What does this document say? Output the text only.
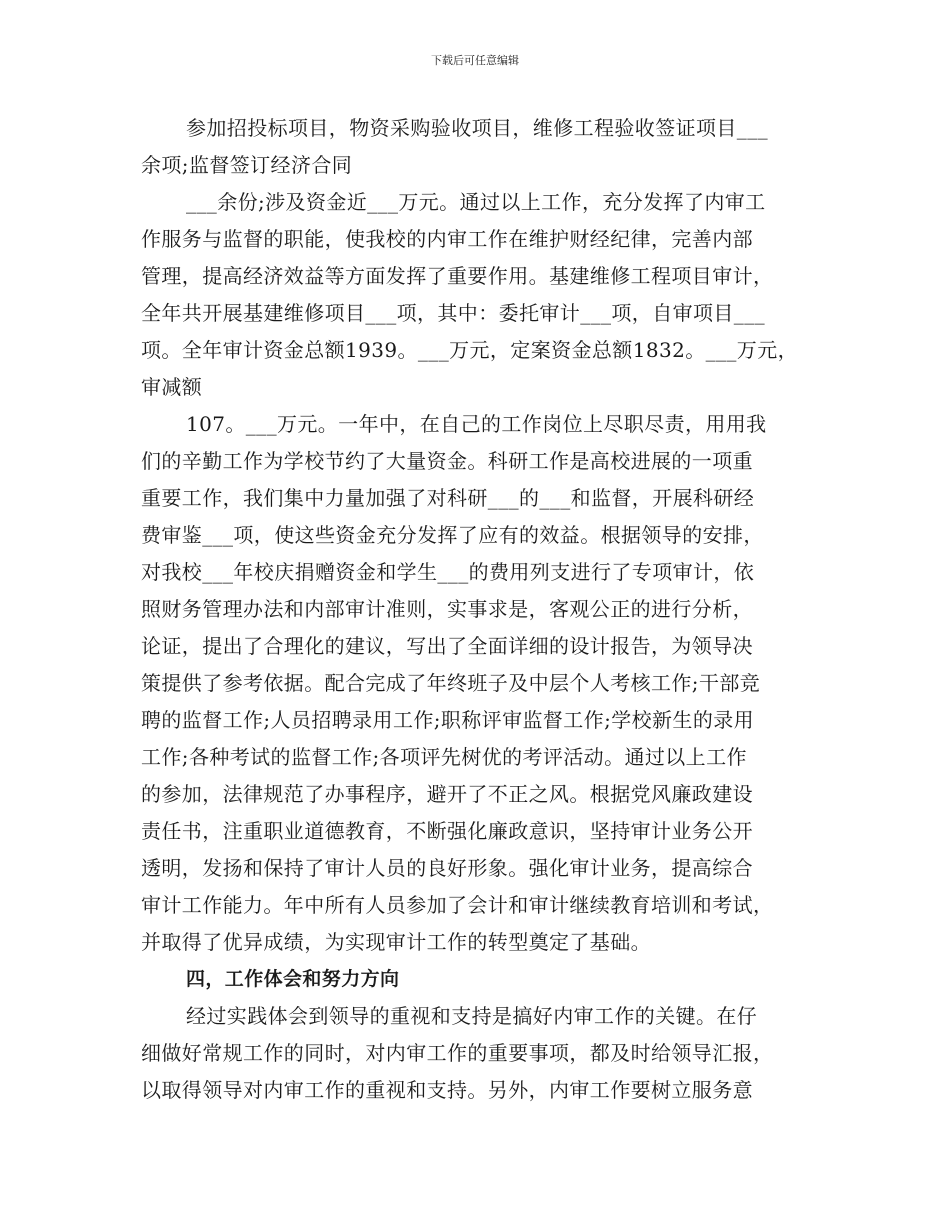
下载后可任意编辑
参加招投标项目，物资采购验收项目，维修工程验收签证项目___
余项;监督签订经济合同
___余份;涉及资金近___万元。通过以上工作，充分发挥了内审工
作服务与监督的职能，使我校的内审工作在维护财经纪律，完善内部
管理，提高经济效益等方面发挥了重要作用。基建维修工程项目审计，
全年共开展基建维修项目___项，其中：委托审计___项，自审项目___
项。全年审计资金总额1939。___万元，定案资金总额1832。___万元，
审减额
107。___万元。一年中，在自己的工作岗位上尽职尽责，用用我
们的辛勤工作为学校节约了大量资金。科研工作是高校进展的一项重
重要工作，我们集中力量加强了对科研___的___和监督，开展科研经
费审鉴___项，使这些资金充分发挥了应有的效益。根据领导的安排，
对我校___年校庆捐赠资金和学生___的费用列支进行了专项审计，依
照财务管理办法和内部审计准则，实事求是，客观公正的进行分析，
论证，提出了合理化的建议，写出了全面详细的设计报告，为领导决
策提供了参考依据。配合完成了年终班子及中层个人考核工作;干部竞
聘的监督工作;人员招聘录用工作;职称评审监督工作;学校新生的录用
工作;各种考试的监督工作;各项评先树优的考评活动。通过以上工作
的参加，法律规范了办事程序，避开了不正之风。根据党风廉政建设
责任书，注重职业道德教育，不断强化廉政意识，坚持审计业务公开
透明，发扬和保持了审计人员的良好形象。强化审计业务，提高综合
审计工作能力。年中所有人员参加了会计和审计继续教育培训和考试，
并取得了优异成绩，为实现审计工作的转型奠定了基础。
四，工作体会和努力方向
经过实践体会到领导的重视和支持是搞好内审工作的关键。在仔
细做好常规工作的同时，对内审工作的重要事项，都及时给领导汇报，
以取得领导对内审工作的重视和支持。另外，内审工作要树立服务意
